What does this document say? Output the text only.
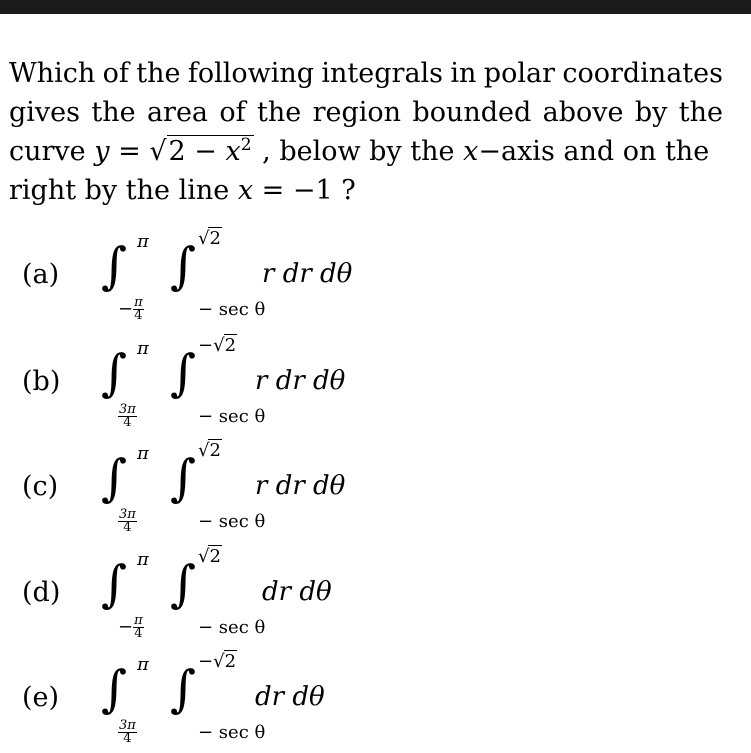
Which of the following integrals in polar coordinates
gives the area of the region bounded above by the
curve $y = √2 - x^2$ , below by the x−axis and on the
right by the line x = −1 ?
(a) ∫ π
− $\frac{\pi}{4}$
∫ √2
− sec θ
r dr dθ
(b) ∫ π
$\frac{3\pi}{4}$
∫ −√2
− sec θ
r dr dθ
(c) ∫ π
$\frac{3\pi}{4}$
∫ √2
− sec θ
r dr dθ
(d) ∫ π
− $\frac{\pi}{4}$
∫ √2
− sec θ
dr dθ
(e) ∫ π
$\frac{3\pi}{4}$
∫ −√2
− sec θ
dr dθ
